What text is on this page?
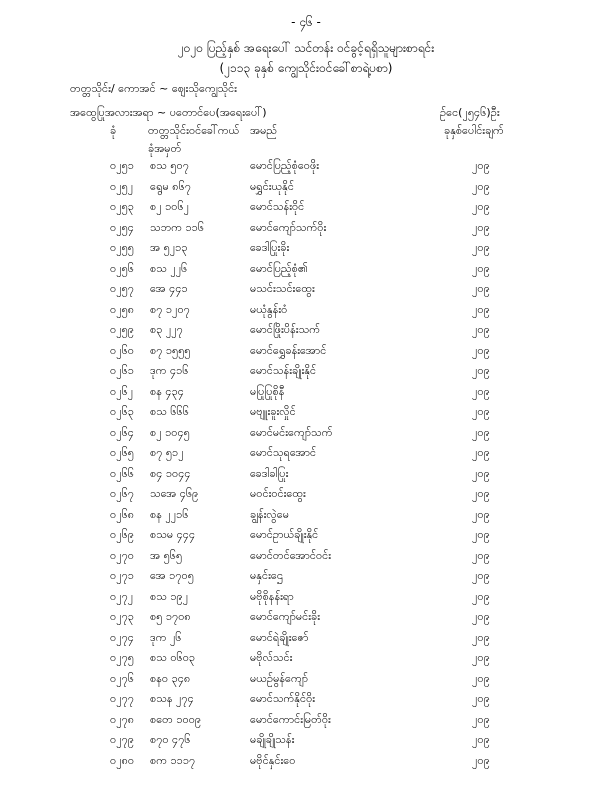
- ၄၆ -
၂၀၂၀ ပြည့်နှစ် အရေးပေါ် သင်တန်း ဝင်ခွင့်ရရှိသူများစာရင်း
(၂၁၁၃ ခုနှစ် ကျွေသိုင်းဝင်ခေါ်စာရဲ့ပစာ)
တတ္တသိုင်း/ ကောအင် ~ ဈေးသိုကျွေသိုင်း
အထွေပြုအလားအရာ ~ ပတောင်ပေ(အရေးပေါ်)	ဉ်ငေ(၂၅၄၆)ဦး
ခုံ	တတ္တသိုင်းဝင်ခေါ်ကယ်
ခုံအမှတ်
အမည်	ခုနှစ်ပေါင်းချက်
၀၂၅၁ စသ ၅၀၇	မောင်ပြည့်စုံဝေဖိုး	၂၀၉
၀၂၅၂ ရွေမ ၈၆၇	မရွှင်းယုနိုင်	၂၀၉
၀၂၅၃ စ၂ ၁၀၆၂	မောင်သန်းဝိုင်	၂၀၉
၀၂၅၄ သဘက ၁၁၆	မောင်ကျော်သက်ဝိုး	၂၀၉
၀၂၅၅ အ ၅၂၁၃	ခေဒါပြုးခိုး	၂၀၉
၀၂၅၆ စသ ၂၂၆	မောင်ပြည့်စုံ၏	၂၀၉
၀၂၅၇ အေ ၄၄၁	မသင်းသင်းထွေး	၂၀၉
၀၂၅၈ စ၇ ၁၂၀၇	မယုံနွန်းဝံ	၂၀၉
၀၂၅၉ စ၃ ၂၂၇	မောင်ဖြိုးပိန်းသက်	၂၀၉
၀၂၆၀ စ၇ ၁၅၅၅	မောင်ရွှေခန်းအောင်	၂၀၉
၀၂၆၁ ဒုက ၄၁၆	မောင်သန်းချိုးနိုင်	၂၀၉
၀၂၆၂ စန ၄၃၄	မပြုပြုစိုနီ	၂၀၉
၀၂၆၃ စသ ၆၆၆	မဗျူးခူးလှိုင်	၂၀၉
၀၂၆၄ စ၂ ၁၀၄၅	မောင်မင်းကျော်သက်	၂၀၉
၀၂၆၅ စ၇ ၅၁၂	မောင်သုရအောင်	၂၀၉
၀၂၆၆ စ၄ ၁၀၄၄	ခေဒါခါပြုး	၂၀၉
၀၂၆၇ သအေ ၄၆၉	မဝင်းဝင်းထွေး	၂၀၉
၀၂၆၈ စန ၂၂၁၆	ချွန်းလွဲမေ	၂၀၉
၀၂၆၉ စသမ ၄၄၄	မောင်ဥာယ်ချိုးနိုင်	၂၀၉
၀၂၇၀ အ ၅၆၅	မောင်တင်အောင်ဝင်း	၂၀၉
၀၂၇၁ အေ ၁၇၀၅	မနှင်းဌေ	၂၀၉
၀၂၇၂ စသ ၁၉၂	မဗိုစိုနန်းရာ	၂၀၉
၀၂၇၃ စ၅ ၁၇၀၈	မောင်ကျော်မင်းခိုး	၂၀၉
၀၂၇၄ ဒုက ၂၆	မောင်ရဲချိုးဇော်	၂၀၉
၀၂၇၅ စသ ၀၆၀၃	မဗိုလ်သင်း	၂၀၉
၀၂၇၆ စန၀ ၃၄၈	မယဉ်မွန်ကျော်	၂၀၉
၀၂၇၇ စသန ၂၇၄	မောင်သက်နိုင်ဝိုး	၂၀၉
၀၂၇၈ စတေ ၁၀၀၉	မောင်ကောင်းမြတ်ဝိုး	၂၀၉
၀၂၇၉ စ၇၀ ၄၇၆	မချိုချိုသန်း	၂၀၉
၀၂၈၀ စက ၁၁၁၇	မဗိုင်နှင်းဝေ	၂၀၉
